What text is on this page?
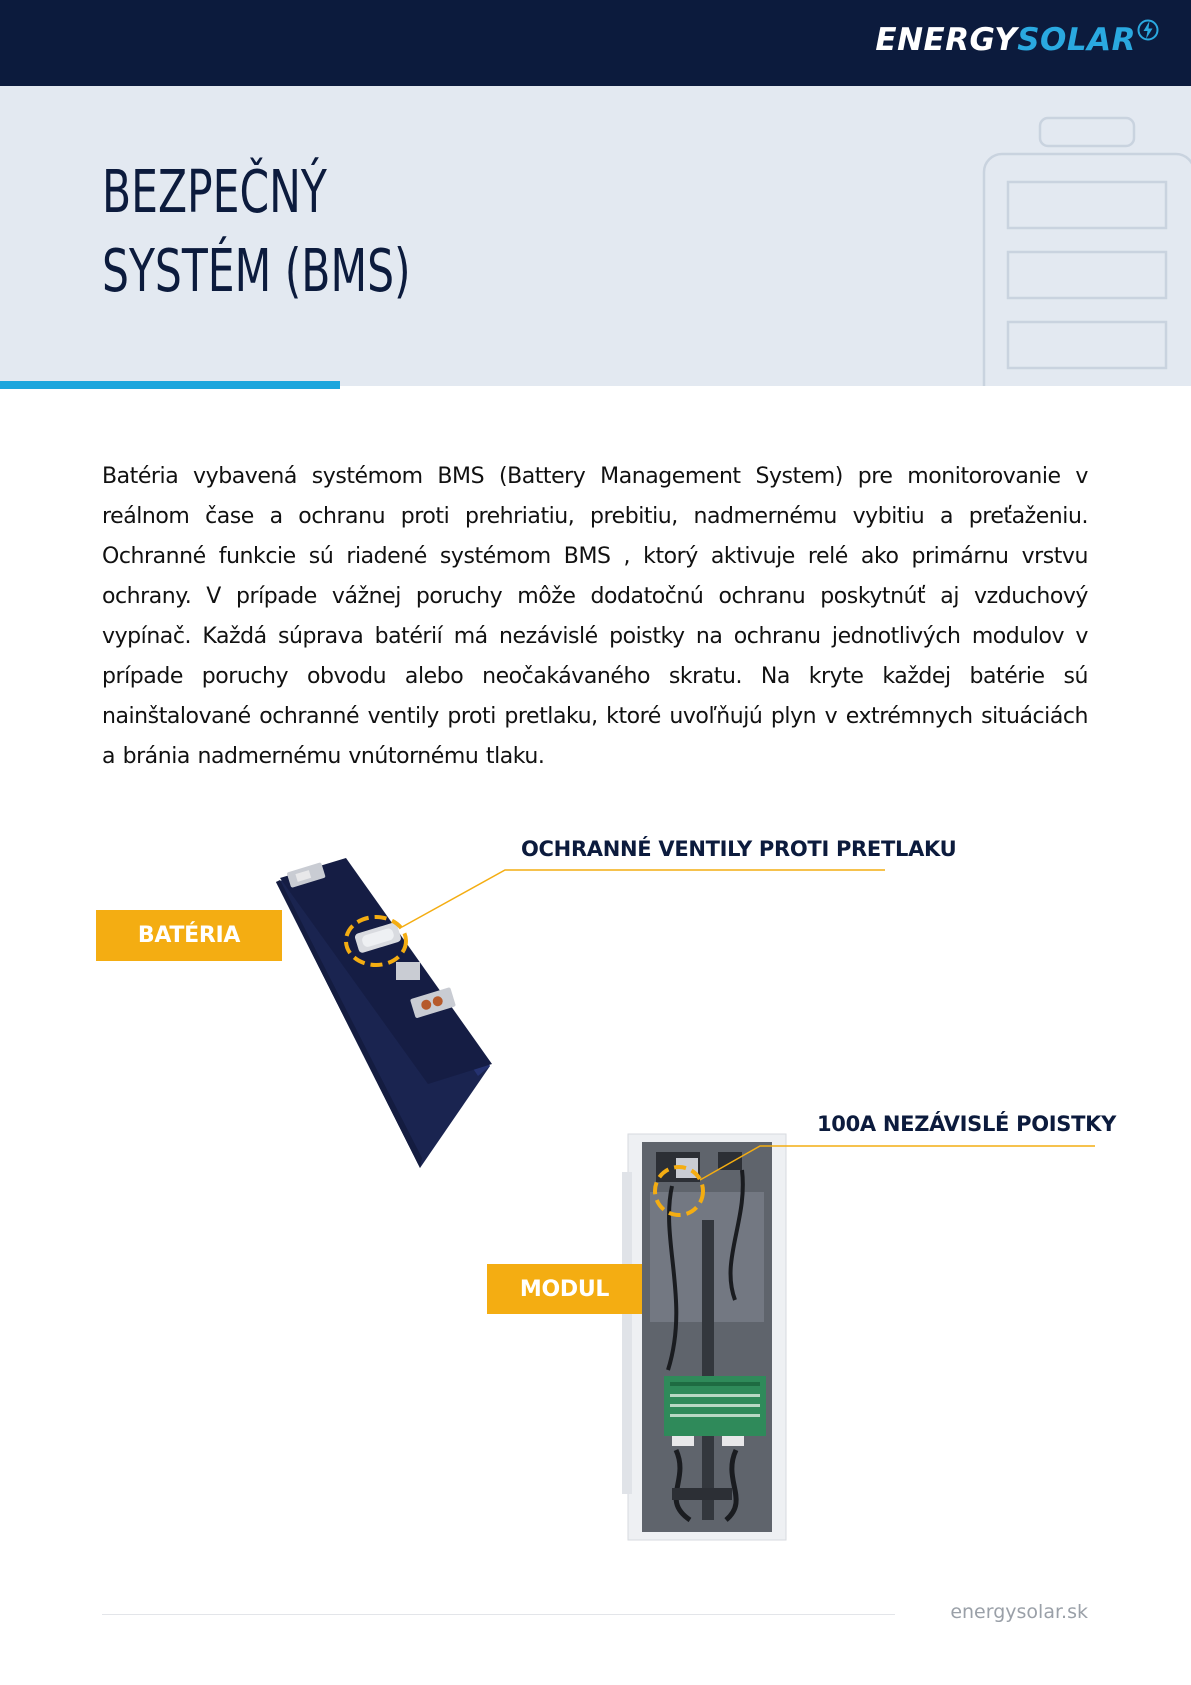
ENERGYSOLAR
BEZPEČNÝ
SYSTÉM (BMS)

Batéria vybavená systémom BMS (Battery Management System) pre monitorovanie v reálnom čase a ochranu proti prehriatiu, prebitiu, nadmernému vybitiu a preťaženiu. Ochranné funkcie sú riadené systémom BMS , ktorý aktivuje relé ako primárnu vrstvu ochrany. V prípade vážnej poruchy môže dodatočnú ochranu poskytnúť aj vzduchový vypínač. Každá súprava batérií má nezávislé poistky na ochranu jednotlivých modulov v prípade poruchy obvodu alebo neočakávaného skratu. Na kryte každej batérie sú nainštalované ochranné ventily proti pretlaku, ktoré uvoľňujú plyn v extrémnych situáciách a bránia nadmernému vnútornému tlaku.

OCHRANNÉ VENTILY PROTI PRETLAKU
100A NEZÁVISLÉ POISTKY
BATÉRIA
MODUL
energysolar.sk
